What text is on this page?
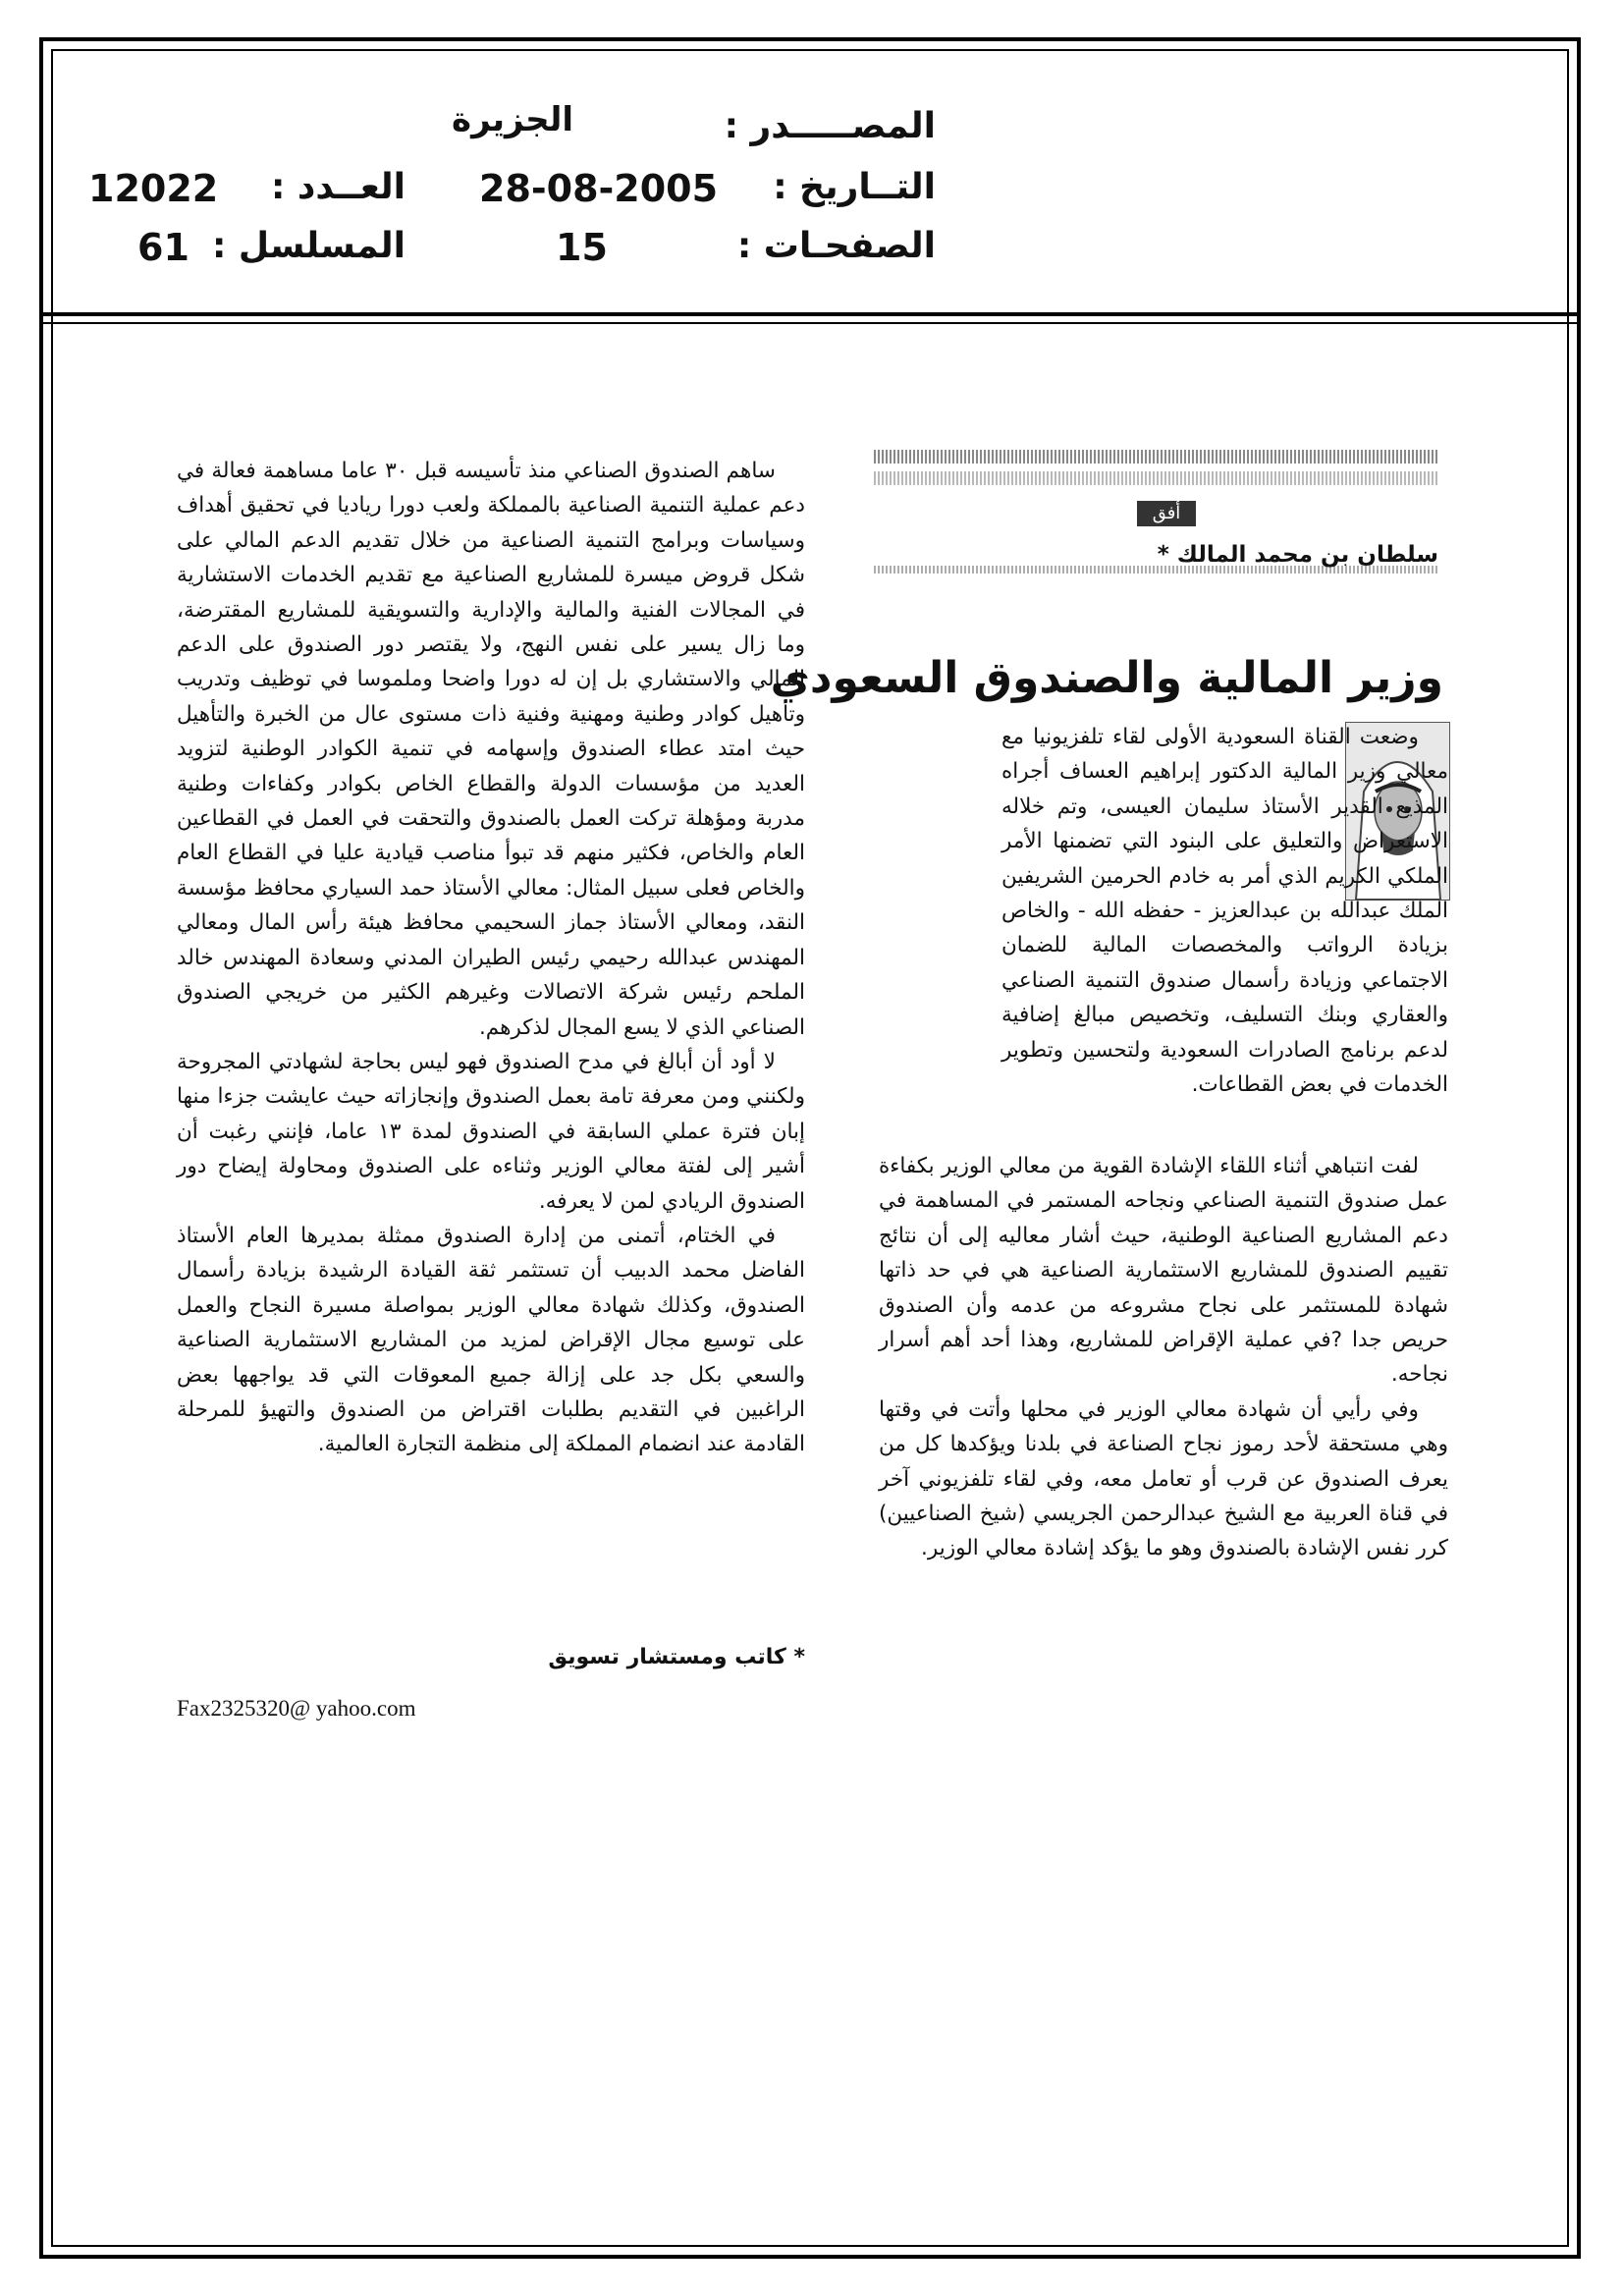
المصـــــدر :
الجزيرة
التــاريخ :
28-08-2005
العــدد :
12022
الصفحـات :
15
المسلسل :
61
أفق
سلطان بن محمد المالك *
وزير المالية والصندوق السعودي

وضعت القناة السعودية الأولى لقاء تلفزيونيا مع معالي وزير المالية الدكتور إبراهيم العساف أجراه المذيع القدير الأستاذ سليمان العيسى، وتم خلاله الاستعراض والتعليق على البنود التي تضمنها الأمر الملكي الكريم الذي أمر به خادم الحرمين الشريفين الملك عبدالله بن عبدالعزيز - حفظه الله - والخاص بزيادة الرواتب والمخصصات المالية للضمان الاجتماعي وزيادة رأسمال صندوق التنمية الصناعي والعقاري وبنك التسليف، وتخصيص مبالغ إضافية لدعم برنامج الصادرات السعودية ولتحسين وتطوير الخدمات في بعض القطاعات.

لفت انتباهي أثناء اللقاء الإشادة القوية من معالي الوزير بكفاءة عمل صندوق التنمية الصناعي ونجاحه المستمر في المساهمة في دعم المشاريع الصناعية الوطنية، حيث أشار معاليه إلى أن نتائج تقييم الصندوق للمشاريع الاستثمارية الصناعية هي في حد ذاتها شهادة للمستثمر على نجاح مشروعه من عدمه وأن الصندوق حريص جدا ?في عملية الإقراض للمشاريع، وهذا أحد أهم أسرار نجاحه.

وفي رأيي أن شهادة معالي الوزير في محلها وأتت في وقتها وهي مستحقة لأحد رموز نجاح الصناعة في بلدنا ويؤكدها كل من يعرف الصندوق عن قرب أو تعامل معه، وفي لقاء تلفزيوني آخر في قناة العربية مع الشيخ عبدالرحمن الجريسي (شيخ الصناعيين) كرر نفس الإشادة بالصندوق وهو ما يؤكد إشادة معالي الوزير.

ساهم الصندوق الصناعي منذ تأسيسه قبل ٣٠ عاما مساهمة فعالة في دعم عملية التنمية الصناعية بالمملكة ولعب دورا رياديا في تحقيق أهداف وسياسات وبرامج التنمية الصناعية من خلال تقديم الدعم المالي على شكل قروض ميسرة للمشاريع الصناعية مع تقديم الخدمات الاستشارية في المجالات الفنية والمالية والإدارية والتسويقية للمشاريع المقترضة، وما زال يسير على نفس النهج، ولا يقتصر دور الصندوق على الدعم المالي والاستشاري بل إن له دورا واضحا وملموسا في توظيف وتدريب وتأهيل كوادر وطنية ومهنية وفنية ذات مستوى عال من الخبرة والتأهيل حيث امتد عطاء الصندوق وإسهامه في تنمية الكوادر الوطنية لتزويد العديد من مؤسسات الدولة والقطاع الخاص بكوادر وكفاءات وطنية مدربة ومؤهلة تركت العمل بالصندوق والتحقت في العمل في القطاعين العام والخاص، فكثير منهم قد تبوأ مناصب قيادية عليا في القطاع العام والخاص فعلى سبيل المثال: معالي الأستاذ حمد السياري محافظ مؤسسة النقد، ومعالي الأستاذ جماز السحيمي محافظ هيئة رأس المال ومعالي المهندس عبدالله رحيمي رئيس الطيران المدني وسعادة المهندس خالد الملحم رئيس شركة الاتصالات وغيرهم الكثير من خريجي الصندوق الصناعي الذي لا يسع المجال لذكرهم.

لا أود أن أبالغ في مدح الصندوق فهو ليس بحاجة لشهادتي المجروحة ولكنني ومن معرفة تامة بعمل الصندوق وإنجازاته حيث عايشت جزءا منها إبان فترة عملي السابقة في الصندوق لمدة ١٣ عاما، فإنني رغبت أن أشير إلى لفتة معالي الوزير وثناءه على الصندوق ومحاولة إيضاح دور الصندوق الريادي لمن لا يعرفه.

في الختام، أتمنى من إدارة الصندوق ممثلة بمديرها العام الأستاذ الفاضل محمد الدبيب أن تستثمر ثقة القيادة الرشيدة بزيادة رأسمال الصندوق، وكذلك شهادة معالي الوزير بمواصلة مسيرة النجاح والعمل على توسيع مجال الإقراض لمزيد من المشاريع الاستثمارية الصناعية والسعي بكل جد على إزالة جميع المعوقات التي قد يواجهها بعض الراغبين في التقديم بطلبات اقتراض من الصندوق والتهيؤ للمرحلة القادمة عند انضمام المملكة إلى منظمة التجارة العالمية.

* كاتب ومستشار تسويق
Fax2325320@ yahoo.com
